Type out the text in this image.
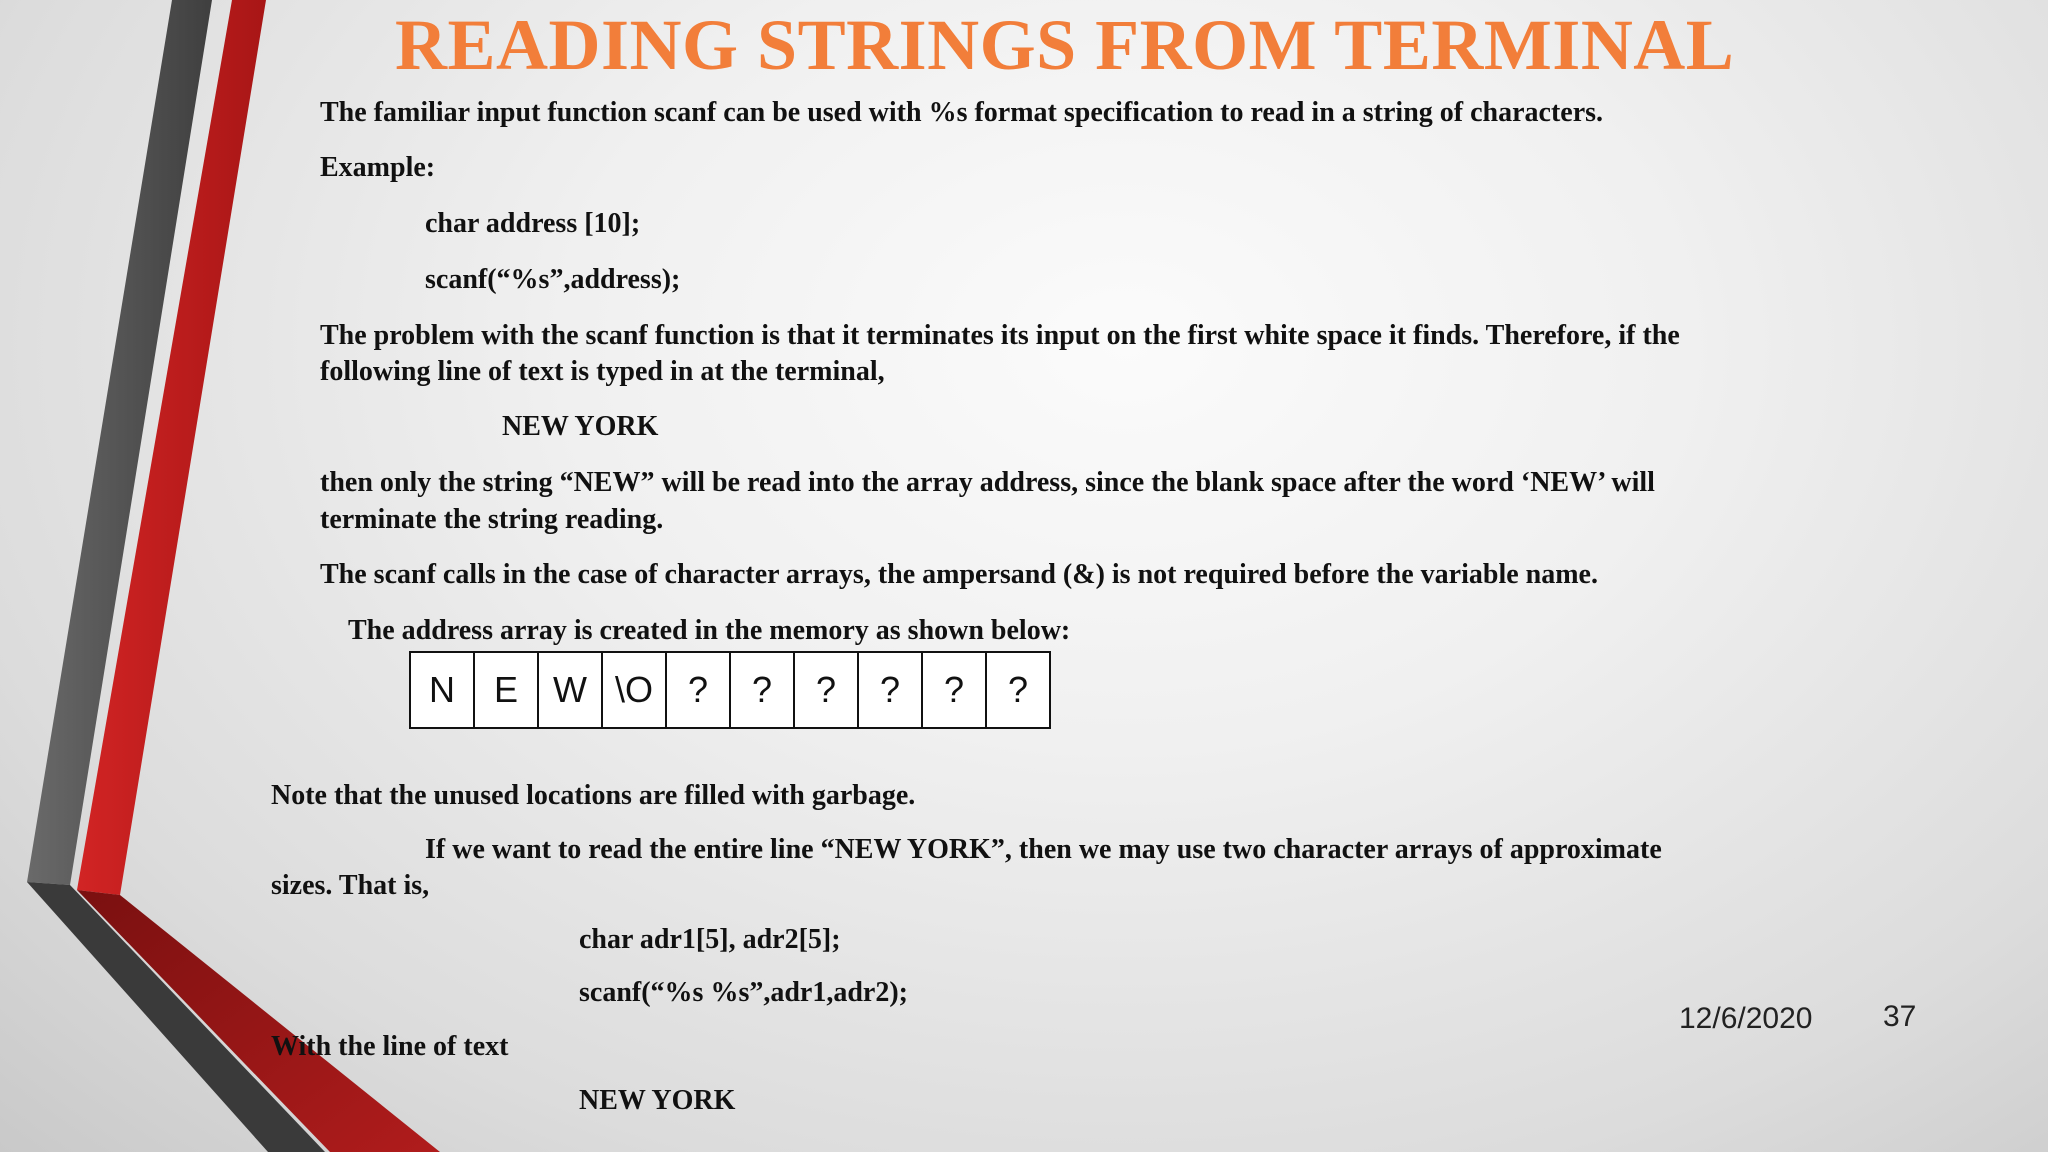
READING STRINGS FROM TERMINAL
The familiar input function scanf can be used with %s format specification to read in a string of characters.
Example:
char address [10];
scanf(“%s”,address);
The problem with the scanf function is that it terminates its input on the first white space it finds. Therefore, if the
following line of text is typed in at the terminal,
NEW YORK
then only the string “NEW” will be read into the array address, since the blank space after the word ‘NEW’ will
terminate the string reading.
The scanf calls in the case of character arrays, the ampersand (&) is not required before the variable name.
The address array is created in the memory as shown below:
N	E	W	\O	?	?	?	?	?	?
Note that the unused locations are filled with garbage.
If we want to read the entire line “NEW YORK”, then we may use two character arrays of approximate
sizes. That is,
char adr1[5], adr2[5];
scanf(“%s %s”,adr1,adr2);
With the line of text
NEW YORK
12/6/2020 37
